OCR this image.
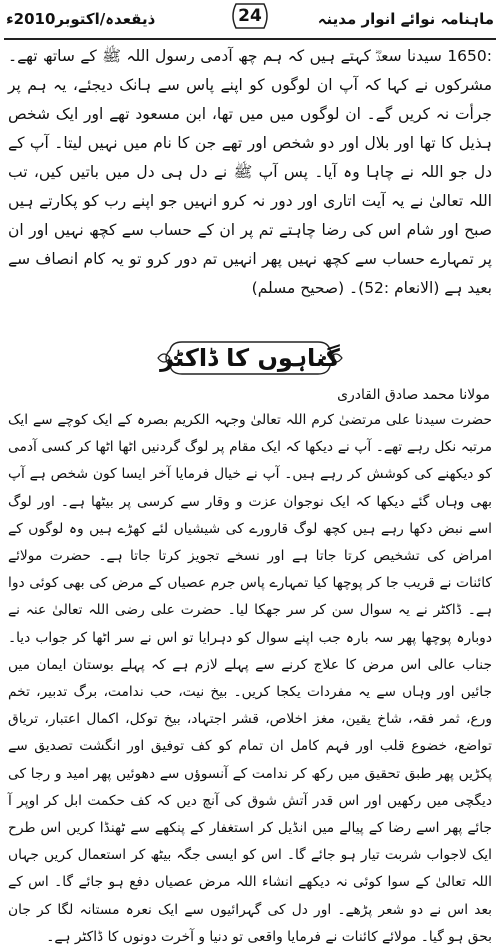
ماہنامہ نوائے انوار مدینہ
ذیقعدہ/اکتوبر2010ء	24

:1650 سیدنا سعدؓ کہتے ہیں کہ ہم چھ آدمی رسول اللہ ﷺ کے ساتھ تھے۔ مشرکوں نے کہا کہ آپ ان لوگوں کو اپنے پاس سے ہانک دیجئے، یہ ہم پر جرأت نہ کریں گے۔ ان لوگوں میں میں تھا، ابن مسعود تھے اور ایک شخص ہذیل کا تھا اور بلال اور دو شخص اور تھے جن کا نام میں نہیں لیتا۔ آپ کے دل جو اللہ نے چاہا وہ آیا۔ پس آپ ﷺ نے دل ہی دل میں باتیں کیں، تب اللہ تعالیٰ نے یہ آیت اتاری اور دور نہ کرو انہیں جو اپنے رب کو پکارتے ہیں صبح اور شام اس کی رضا چاہتے تم پر ان کے حساب سے کچھ نہیں اور ان پر تمہارے حساب سے کچھ نہیں پھر انہیں تم دور کرو تو یہ کام انصاف سے بعید ہے (الانعام :52)۔ (صحیح مسلم)

گناہوں کا ڈاکٹر
مولانا محمد صادق القادری

حضرت سیدنا علی مرتضیٰ کرم اللہ تعالیٰ وجہہ الکریم بصرہ کے ایک کوچے سے ایک مرتبہ نکل رہے تھے۔ آپ نے دیکھا کہ ایک مقام پر لوگ گردنیں اٹھا اٹھا کر کسی آدمی کو دیکھنے کی کوشش کر رہے ہیں۔ آپ نے خیال فرمایا آخر ایسا کون شخص ہے آپ بھی وہاں گئے دیکھا کہ ایک نوجوان عزت و وقار سے کرسی پر بیٹھا ہے۔ اور لوگ اسے نبض دکھا رہے ہیں کچھ لوگ قارورے کی شیشیاں لئے کھڑے ہیں وہ لوگوں کے امراض کی تشخیص کرتا جاتا ہے اور نسخے تجویز کرتا جاتا ہے۔ حضرت مولائے کائنات نے قریب جا کر پوچھا کیا تمہارے پاس جرم عصیاں کے مرض کی بھی کوئی دوا ہے۔ ڈاکٹر نے یہ سوال سن کر سر جھکا لیا۔ حضرت علی رضی اللہ تعالیٰ عنہ نے دوبارہ پوچھا پھر سہ بارہ جب اپنے سوال کو دہرایا تو اس نے سر اٹھا کر جواب دیا۔ جناب عالی اس مرض کا علاج کرنے سے پہلے لازم ہے کہ پہلے بوستان ایمان میں جائیں اور وہاں سے یہ مفردات یکجا کریں۔ بیخ نیت، حب ندامت، برگ تدبیر، تخم ورع، ثمر فقہ، شاخ یقین، مغز اخلاص، قشر اجتہاد، بیخ توکل، اکمال اعتبار، تریاق تواضع، خضوع قلب اور فہم کامل ان تمام کو کف توفیق اور انگشت تصدیق سے پکڑیں پھر طبق تحقیق میں رکھ کر ندامت کے آنسوؤں سے دھوئیں پھر امید و رجا کی دیگچی میں رکھیں اور اس قدر آتش شوق کی آنچ دیں کہ کف حکمت ابل کر اوپر آ جائے پھر اسے رضا کے پیالے میں انڈیل کر استغفار کے پنکھے سے ٹھنڈا کریں اس طرح ایک لاجواب شربت تیار ہو جائے گا۔ اس کو ایسی جگہ بیٹھ کر استعمال کریں جہاں اللہ تعالیٰ کے سوا کوئی نہ دیکھے انشاء اللہ مرض عصیاں دفع ہو جائے گا۔ اس کے بعد اس نے دو شعر پڑھے۔ اور دل کی گہرائیوں سے ایک نعرہ مستانہ لگا کر جان بحق ہو گیا۔ مولائے کائنات نے فرمایا واقعی تو دنیا و آخرت دونوں کا ڈاکٹر ہے۔
